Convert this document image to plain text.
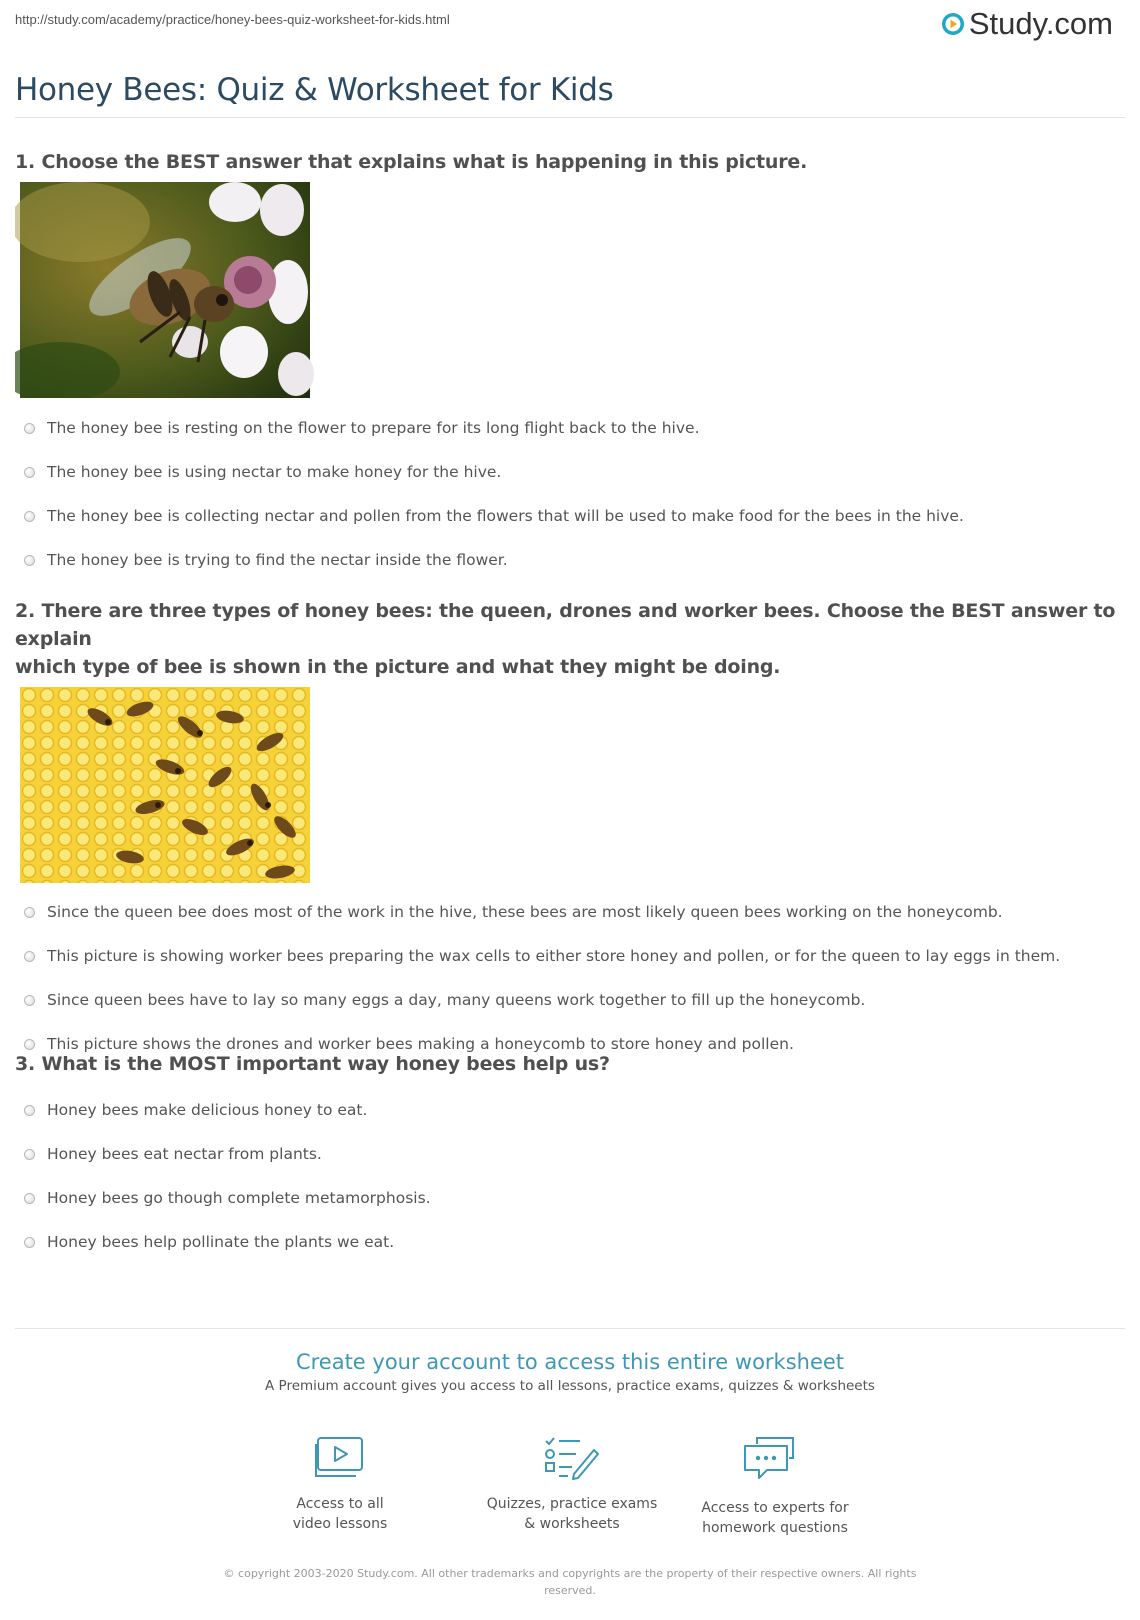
http://study.com/academy/practice/honey-bees-quiz-worksheet-for-kids.html	Study.com
Honey Bees: Quiz & Worksheet for Kids

1. Choose the BEST answer that explains what is happening in this picture.

The honey bee is resting on the flower to prepare for its long flight back to the hive.
The honey bee is using nectar to make honey for the hive.
The honey bee is collecting nectar and pollen from the flowers that will be used to make food for the bees in the hive.
The honey bee is trying to find the nectar inside the flower.

2. There are three types of honey bees: the queen, drones and worker bees. Choose the BEST answer to explain
which type of bee is shown in the picture and what they might be doing.

Since the queen bee does most of the work in the hive, these bees are most likely queen bees working on the honeycomb.
This picture is showing worker bees preparing the wax cells to either store honey and pollen, or for the queen to lay eggs in them.
Since queen bees have to lay so many eggs a day, many queens work together to fill up the honeycomb.
This picture shows the drones and worker bees making a honeycomb to store honey and pollen.

3. What is the MOST important way honey bees help us?

Honey bees make delicious honey to eat.
Honey bees eat nectar from plants.
Honey bees go though complete metamorphosis.
Honey bees help pollinate the plants we eat.

Create your account to access this entire worksheet

A Premium account gives you access to all lessons, practice exams, quizzes & worksheets
Access to all
video lessons
Quizzes, practice exams
& worksheets
Access to experts for
homework questions
© copyright 2003-2020 Study.com. All other trademarks and copyrights are the property of their respective owners. All rights
reserved.
